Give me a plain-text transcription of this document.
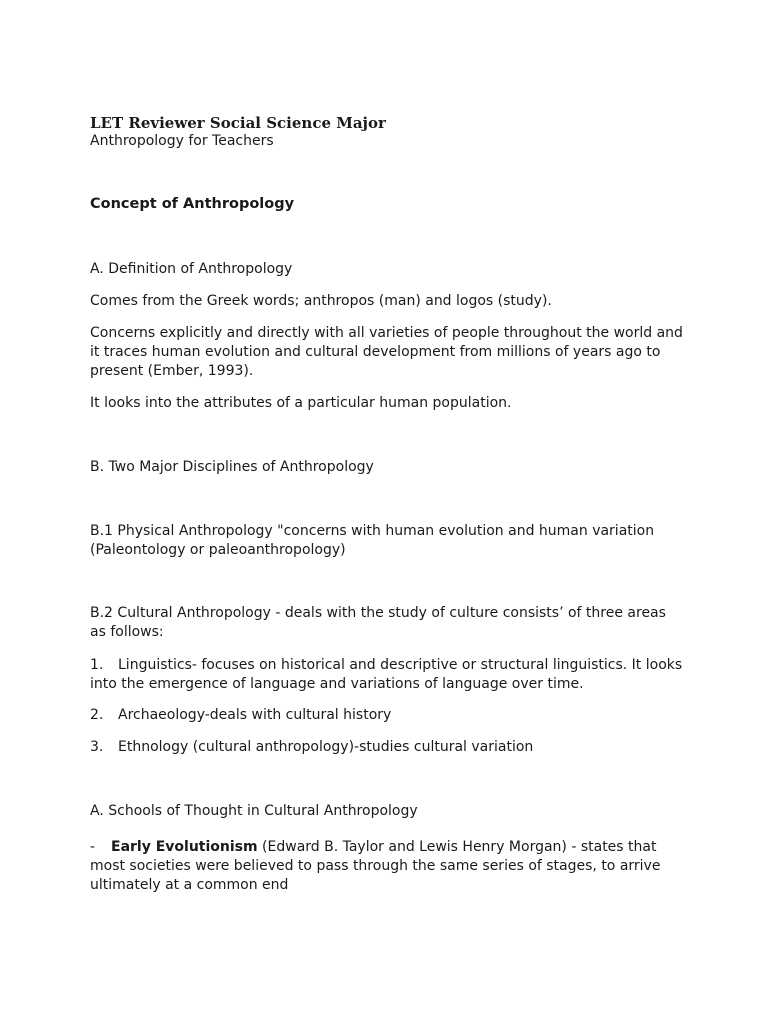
LET Reviewer Social Science Major
Anthropology for Teachers
Concept of Anthropology
A. Definition of Anthropology
Comes from the Greek words; anthropos (man) and logos (study).
Concerns explicitly and directly with all varieties of people throughout the world and
it traces human evolution and cultural development from millions of years ago to
present (Ember, 1993).
It looks into the attributes of a particular human population.
B. Two Major Disciplines of Anthropology
B.1 Physical Anthropology "concerns with human evolution and human variation
(Paleontology or paleoanthropology)
B.2 Cultural Anthropology - deals with the study of culture consists’ of three areas
as follows:
1. Linguistics- focuses on historical and descriptive or structural linguistics. It looks
into the emergence of language and variations of language over time.
2. Archaeology-deals with cultural history
3. Ethnology (cultural anthropology)-studies cultural variation
A. Schools of Thought in Cultural Anthropology
- Early Evolutionism (Edward B. Taylor and Lewis Henry Morgan) - states that
most societies were believed to pass through the same series of stages, to arrive
ultimately at a common end
